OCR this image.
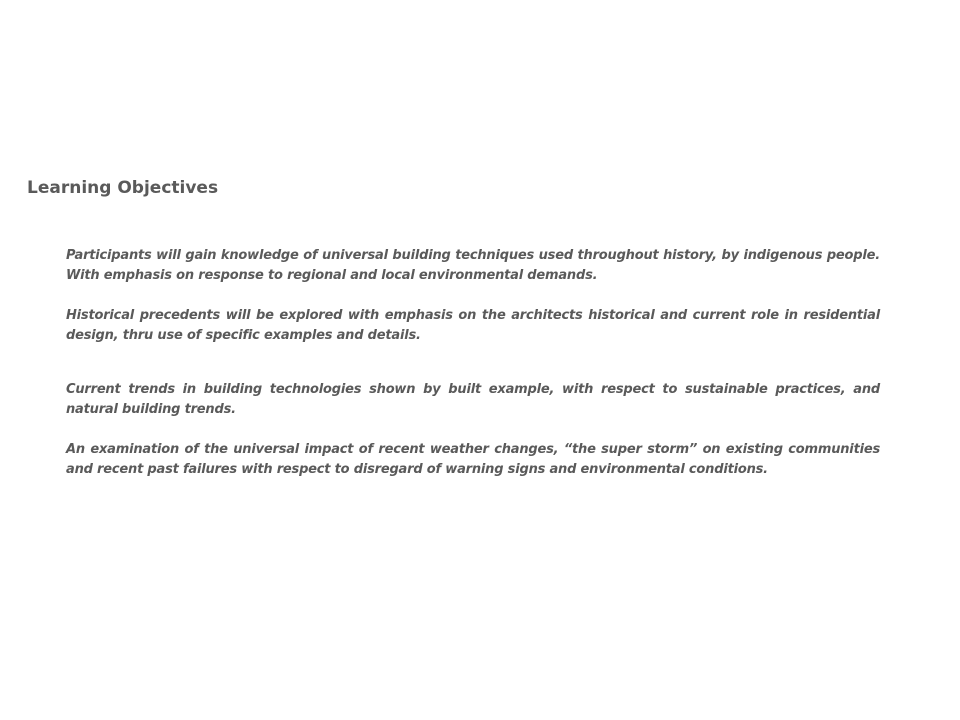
Learning Objectives

Participants will gain knowledge of universal building techniques used throughout history, by indigenous people. With emphasis on response to regional and local environmental demands.

Historical precedents will be explored with emphasis on the architects historical and current role in residential design, thru use of specific examples and details.

Current trends in building technologies shown by built example, with respect to sustainable practices, and natural building trends.

An examination of the universal impact of recent weather changes, “the super storm” on existing communities and recent past failures with respect to disregard of warning signs and environmental conditions.
